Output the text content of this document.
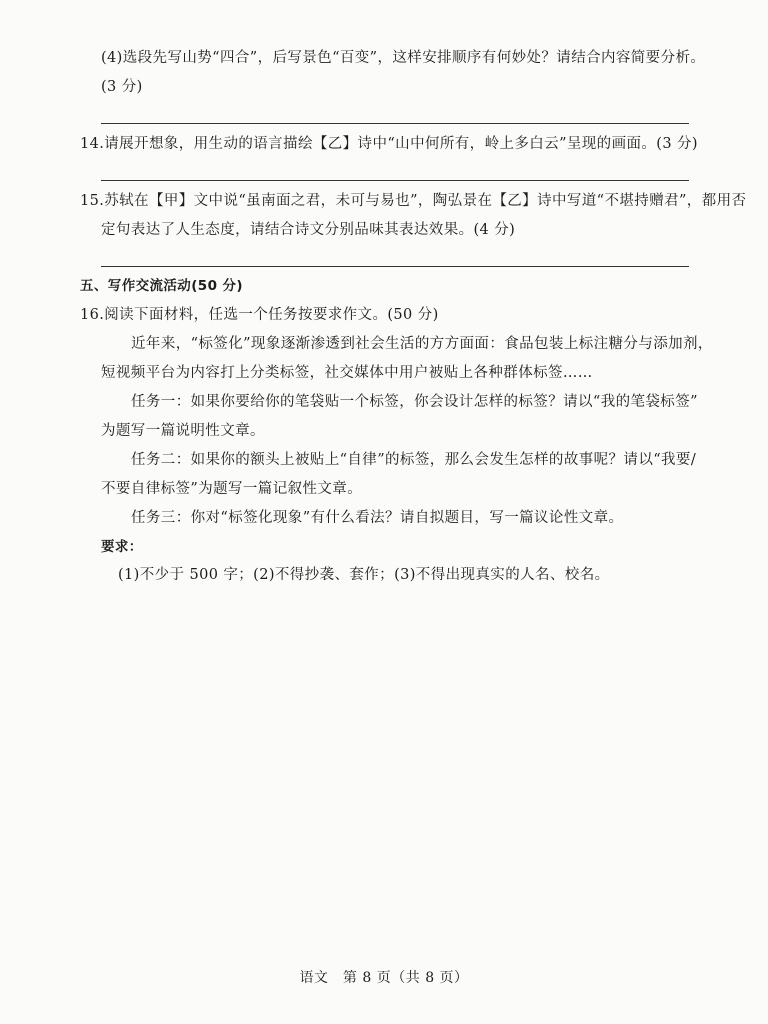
(4)选段先写山势“四合”，后写景色“百变”，这样安排顺序有何妙处？请结合内容简要分析。
(3 分)
14.请展开想象，用生动的语言描绘【乙】诗中“山中何所有，岭上多白云”呈现的画面。(3 分)
15.苏轼在【甲】文中说“虽南面之君，未可与易也”，陶弘景在【乙】诗中写道“不堪持赠君”，都用否
定句表达了人生态度，请结合诗文分别品味其表达效果。(4 分)
五、写作交流活动(50 分)
16.阅读下面材料，任选一个任务按要求作文。(50 分)
近年来，“标签化”现象逐渐渗透到社会生活的方方面面：食品包装上标注糖分与添加剂，
短视频平台为内容打上分类标签，社交媒体中用户被贴上各种群体标签……
任务一：如果你要给你的笔袋贴一个标签，你会设计怎样的标签？请以“我的笔袋标签”
为题写一篇说明性文章。
任务二：如果你的额头上被贴上“自律”的标签，那么会发生怎样的故事呢？请以“我要/
不要自律标签”为题写一篇记叙性文章。
任务三：你对“标签化现象”有什么看法？请自拟题目，写一篇议论性文章。
要求：
(1)不少于 500 字；(2)不得抄袭、套作；(3)不得出现真实的人名、校名。
语文　第 8 页（共 8 页）
